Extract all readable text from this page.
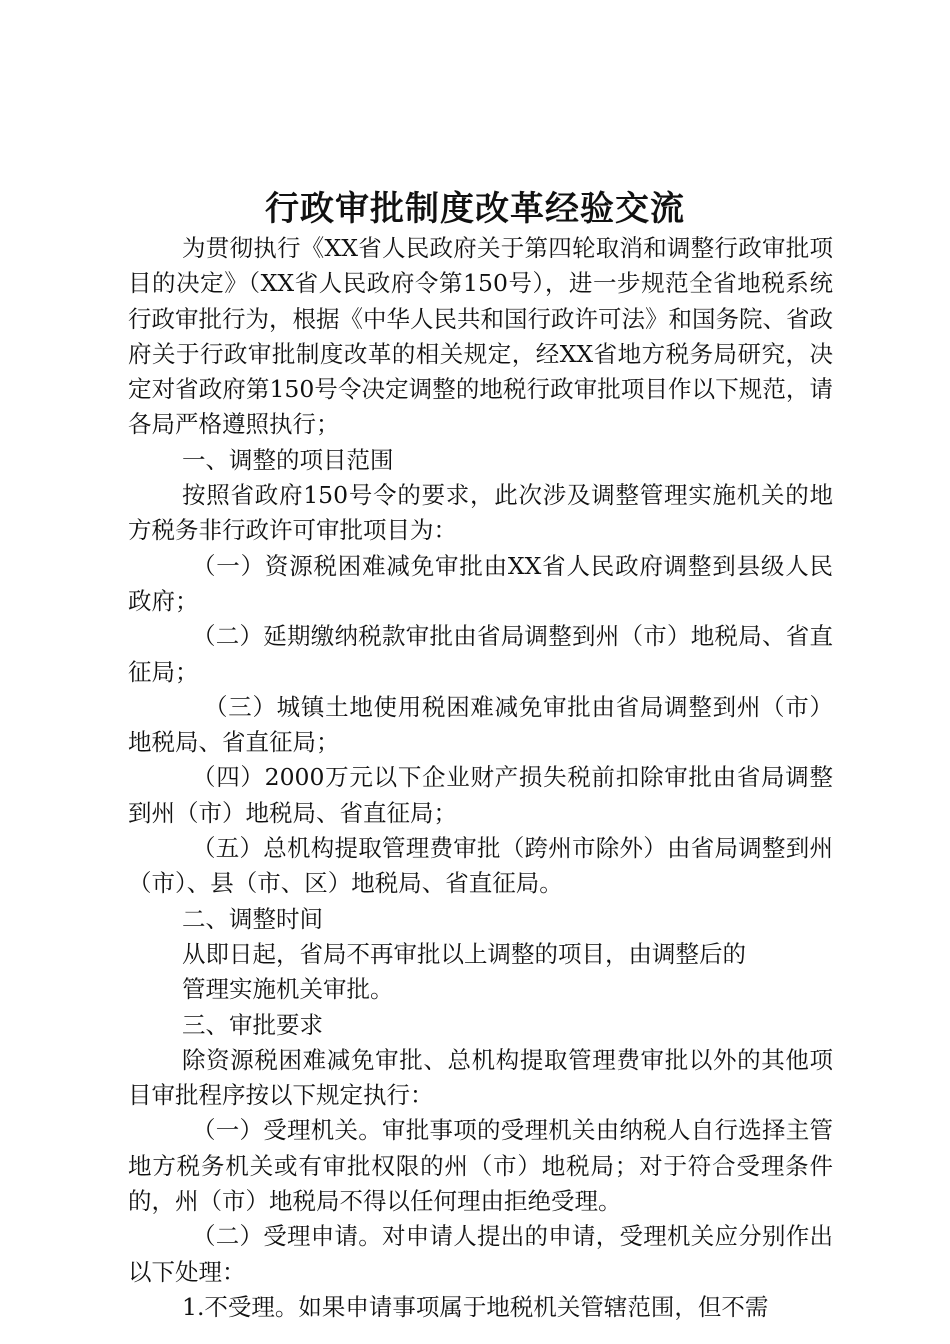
行政审批制度改革经验交流

为贯彻执行《XX省人民政府关于第四轮取消和调整行政审批项目的决定》（XX省人民政府令第150号），进一步规范全省地税系统行政审批行为，根据《中华人民共和国行政许可法》和国务院、省政府关于行政审批制度改革的相关规定，经XX省地方税务局研究，决定对省政府第150号令决定调整的地税行政审批项目作以下规范，请各局严格遵照执行；

一、调整的项目范围

按照省政府150号令的要求，此次涉及调整管理实施机关的地方税务非行政许可审批项目为：

（一）资源税困难减免审批由XX省人民政府调整到县级人民政府；

（二）延期缴纳税款审批由省局调整到州（市）地税局、省直征局；

（三）城镇土地使用税困难减免审批由省局调整到州（市）地税局、省直征局；

（四）2000万元以下企业财产损失税前扣除审批由省局调整到州（市）地税局、省直征局；

（五）总机构提取管理费审批（跨州市除外）由省局调整到州（市）、县（市、区）地税局、省直征局。

二、调整时间

从即日起，省局不再审批以上调整的项目，由调整后的

管理实施机关审批。

三、审批要求

除资源税困难减免审批、总机构提取管理费审批以外的其他项目审批程序按以下规定执行：

（一）受理机关。审批事项的受理机关由纳税人自行选择主管地方税务机关或有审批权限的州（市）地税局；对于符合受理条件的，州（市）地税局不得以任何理由拒绝受理。

（二）受理申请。对申请人提出的申请，受理机关应分别作出以下处理：

1.不受理。如果申请事项属于地税机关管辖范围，但不需
